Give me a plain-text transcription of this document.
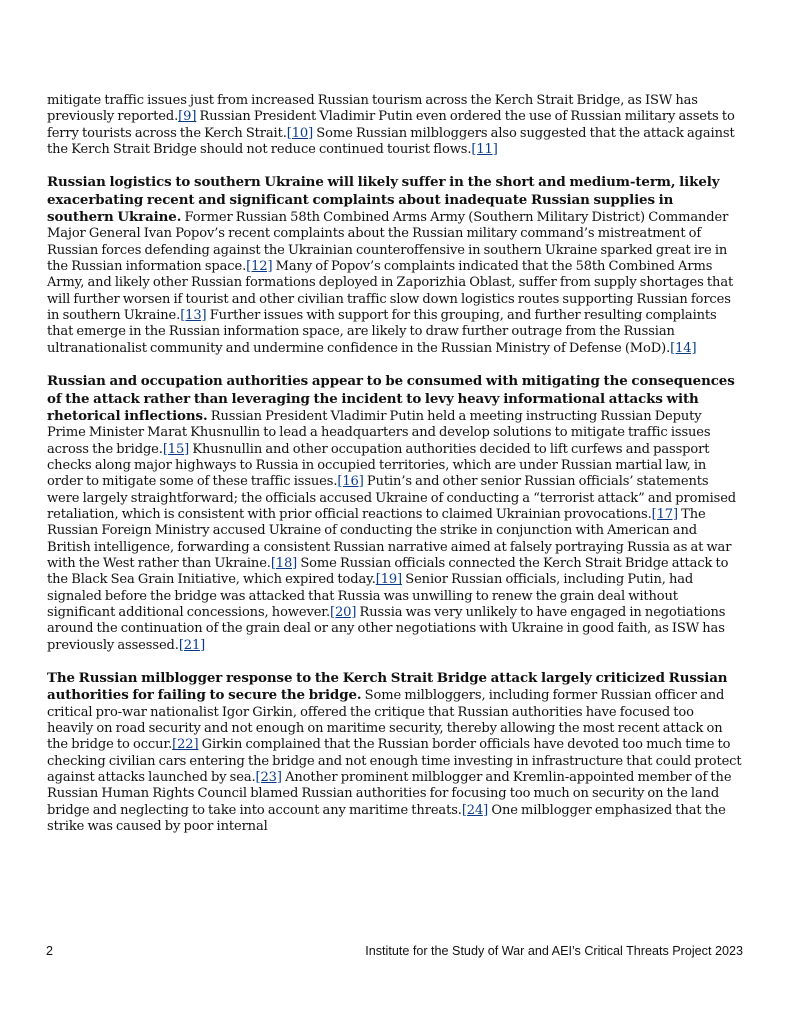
mitigate traffic issues just from increased Russian tourism across the Kerch Strait Bridge, as ISW has previously reported.[9] Russian President Vladimir Putin even ordered the use of Russian military assets to ferry tourists across the Kerch Strait.[10] Some Russian milbloggers also suggested that the attack against the Kerch Strait Bridge should not reduce continued tourist flows.[11]

Russian logistics to southern Ukraine will likely suffer in the short and medium-term, likely exacerbating recent and significant complaints about inadequate Russian supplies in southern Ukraine. Former Russian 58th Combined Arms Army (Southern Military District) Commander Major General Ivan Popov’s recent complaints about the Russian military command’s mistreatment of Russian forces defending against the Ukrainian counteroffensive in southern Ukraine sparked great ire in the Russian information space.[12] Many of Popov’s complaints indicated that the 58th Combined Arms Army, and likely other Russian formations deployed in Zaporizhia Oblast, suffer from supply shortages that will further worsen if tourist and other civilian traffic slow down logistics routes supporting Russian forces in southern Ukraine.[13] Further issues with support for this grouping, and further resulting complaints that emerge in the Russian information space, are likely to draw further outrage from the Russian ultranationalist community and undermine confidence in the Russian Ministry of Defense (MoD).[14]

Russian and occupation authorities appear to be consumed with mitigating the consequences of the attack rather than leveraging the incident to levy heavy informational attacks with rhetorical inflections. Russian President Vladimir Putin held a meeting instructing Russian Deputy Prime Minister Marat Khusnullin to lead a headquarters and develop solutions to mitigate traffic issues across the bridge.[15] Khusnullin and other occupation authorities decided to lift curfews and passport checks along major highways to Russia in occupied territories, which are under Russian martial law, in order to mitigate some of these traffic issues.[16] Putin’s and other senior Russian officials’ statements were largely straightforward; the officials accused Ukraine of conducting a “terrorist attack” and promised retaliation, which is consistent with prior official reactions to claimed Ukrainian provocations.[17] The Russian Foreign Ministry accused Ukraine of conducting the strike in conjunction with American and British intelligence, forwarding a consistent Russian narrative aimed at falsely portraying Russia as at war with the West rather than Ukraine.[18] Some Russian officials connected the Kerch Strait Bridge attack to the Black Sea Grain Initiative, which expired today.[19] Senior Russian officials, including Putin, had signaled before the bridge was attacked that Russia was unwilling to renew the grain deal without significant additional concessions, however.[20] Russia was very unlikely to have engaged in negotiations around the continuation of the grain deal or any other negotiations with Ukraine in good faith, as ISW has previously assessed.[21]

The Russian milblogger response to the Kerch Strait Bridge attack largely criticized Russian authorities for failing to secure the bridge. Some milbloggers, including former Russian officer and critical pro-war nationalist Igor Girkin, offered the critique that Russian authorities have focused too heavily on road security and not enough on maritime security, thereby allowing the most recent attack on the bridge to occur.[22] Girkin complained that the Russian border officials have devoted too much time to checking civilian cars entering the bridge and not enough time investing in infrastructure that could protect against attacks launched by sea.[23] Another prominent milblogger and Kremlin-appointed member of the Russian Human Rights Council blamed Russian authorities for focusing too much on security on the land bridge and neglecting to take into account any maritime threats.[24] One milblogger emphasized that the strike was caused by poor internal

2	Institute for the Study of War and AEI’s Critical Threats Project 2023
